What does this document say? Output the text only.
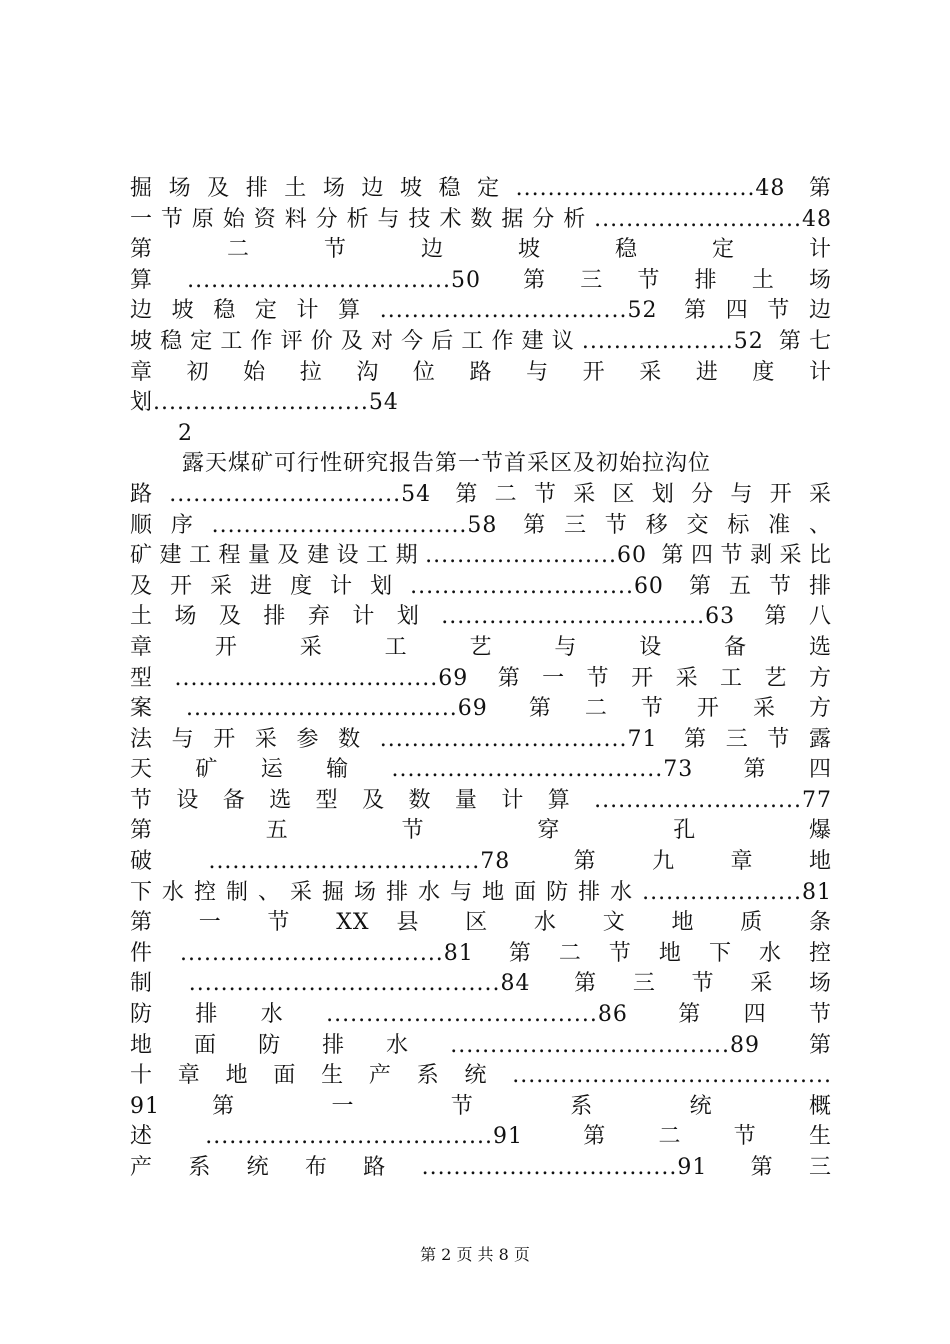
掘场及排土场边坡稳定..............................48 第
一节原始资料分析与技术数据分析..........................48
第 二 节 边 坡 稳 定 计
算.................................50 第三节排土场
边坡稳定计算...............................52 第四节边
坡稳定工作评价及对今后工作建议...................52 第七
章 初 始 拉 沟 位 路 与 开 采 进 度 计
划...........................54
2
露天煤矿可行性研究报告第一节首采区及初始拉沟位
路.............................54 第二节采区划分与开采
顺序................................58 第三节移交标准、
矿建工程量及建设工期........................60 第四节剥采比
及开采进度计划............................60 第五节排
土场及排弃计划.................................63 第八
章 开 采 工 艺 与 设 备 选
型.................................69 第一节开采工艺方
案..................................69 第二节开采方
法与开采参数...............................71 第三节露
天矿运输..................................73 第四
节设备选型及数量计算..........................77
第 五 节 穿 孔 爆
破..................................78 第九章地
下水控制、采掘场排水与地面防排水....................81
第 一 节 XX 县 区 水 文 地 质 条
件.................................81 第二节地下水控
制.......................................84 第三节采场
防排水..................................86 第四节
地面防排水...................................89 第
十章地面生产系统........................................
91 第 一 节 系 统 概
述....................................91 第二节生
产系统布路................................91 第三
第 2 页 共 8 页
